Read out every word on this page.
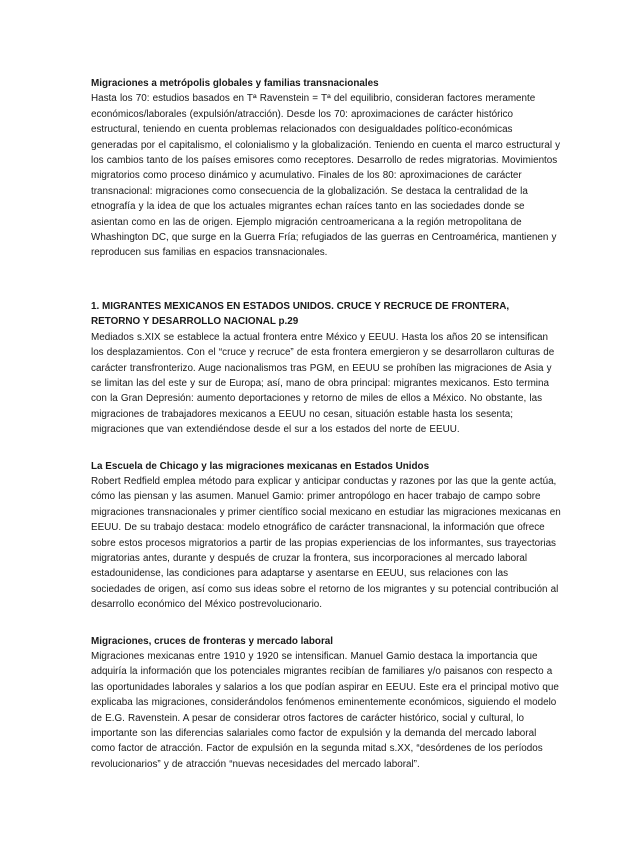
Migraciones a metrópolis globales y familias transnacionales

Hasta los 70: estudios basados en Tª Ravenstein = Tª del equilibrio, consideran factores meramente económicos/laborales (expulsión/atracción). Desde los 70: aproximaciones de carácter histórico estructural, teniendo en cuenta problemas relacionados con desigualdades político-económicas generadas por el capitalismo, el colonialismo y la globalización. Teniendo en cuenta el marco estructural y los cambios tanto de los países emisores como receptores. Desarrollo de redes migratorias. Movimientos migratorios como proceso dinámico y acumulativo. Finales de los 80: aproximaciones de carácter transnacional: migraciones como consecuencia de la globalización. Se destaca la centralidad de la etnografía y la idea de que los actuales migrantes echan raíces tanto en las sociedades donde se asientan como en las de origen. Ejemplo migración centroamericana a la región metropolitana de Whashington DC, que surge en la Guerra Fría; refugiados de las guerras en Centroamérica, mantienen y reproducen sus familias en espacios transnacionales.

1. MIGRANTES MEXICANOS EN ESTADOS UNIDOS. CRUCE Y RECRUCE DE FRONTERA, RETORNO Y DESARROLLO NACIONAL p.29

Mediados s.XIX se establece la actual frontera entre México y EEUU. Hasta los años 20 se intensifican los desplazamientos. Con el “cruce y recruce” de esta frontera emergieron y se desarrollaron culturas de carácter transfronterizo. Auge nacionalismos tras PGM, en EEUU se prohíben las migraciones de Asia y se limitan las del este y sur de Europa; así, mano de obra principal: migrantes mexicanos. Esto termina con la Gran Depresión: aumento deportaciones y retorno de miles de ellos a México. No obstante, las migraciones de trabajadores mexicanos a EEUU no cesan, situación estable hasta los sesenta; migraciones que van extendiéndose desde el sur a los estados del norte de EEUU.

La Escuela de Chicago y las migraciones mexicanas en Estados Unidos

Robert Redfield emplea método para explicar y anticipar conductas y razones por las que la gente actúa, cómo las piensan y las asumen. Manuel Gamio: primer antropólogo en hacer trabajo de campo sobre migraciones transnacionales y primer científico social mexicano en estudiar las migraciones mexicanas en EEUU. De su trabajo destaca: modelo etnográfico de carácter transnacional, la información que ofrece sobre estos procesos migratorios a partir de las propias experiencias de los informantes, sus trayectorias migratorias antes, durante y después de cruzar la frontera, sus incorporaciones al mercado laboral estadounidense, las condiciones para adaptarse y asentarse en EEUU, sus relaciones con las sociedades de origen, así como sus ideas sobre el retorno de los migrantes y su potencial contribución al desarrollo económico del México postrevolucionario.

Migraciones, cruces de fronteras y mercado laboral

Migraciones mexicanas entre 1910 y 1920 se intensifican. Manuel Gamio destaca la importancia que adquiría la información que los potenciales migrantes recibían de familiares y/o paisanos con respecto a las oportunidades laborales y salarios a los que podían aspirar en EEUU. Este era el principal motivo que explicaba las migraciones, considerándolos fenómenos eminentemente económicos, siguiendo el modelo de E.G. Ravenstein. A pesar de considerar otros factores de carácter histórico, social y cultural, lo importante son las diferencias salariales como factor de expulsión y la demanda del mercado laboral como factor de atracción. Factor de expulsión en la segunda mitad s.XX, “desórdenes de los períodos revolucionarios” y de atracción “nuevas necesidades del mercado laboral”.
